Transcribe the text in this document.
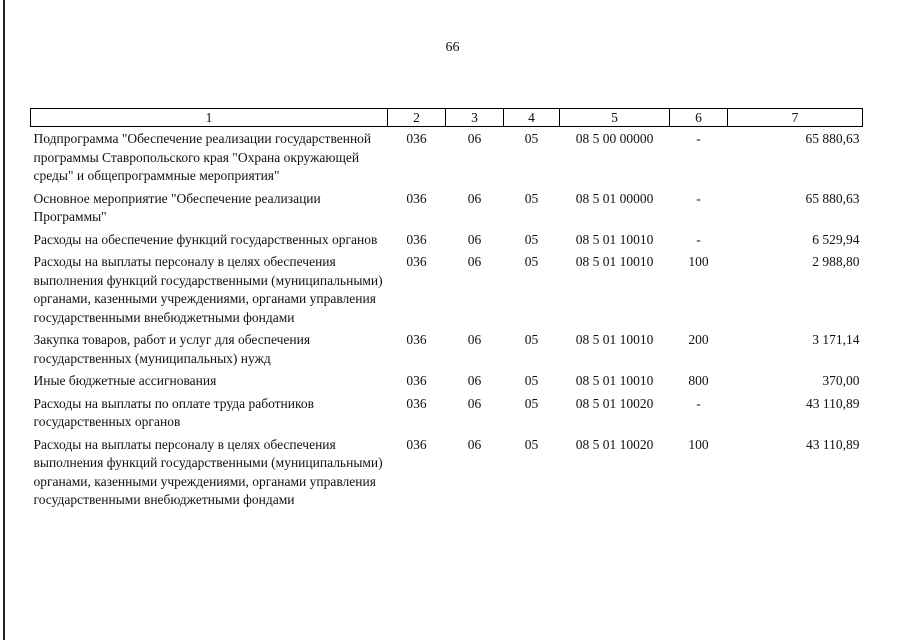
66
1	2	3	4	5	6	7
Подпрограмма "Обеспечение реализации государственной программы Ставропольского края "Охрана окружающей среды" и общепрограммные мероприятия"	036	06	05	08 5 00 00000	-	65 880,63
Основное мероприятие "Обеспечение реализации Программы"	036	06	05	08 5 01 00000	-	65 880,63
Расходы на обеспечение функций государственных органов	036	06	05	08 5 01 10010	-	6 529,94
Расходы на выплаты персоналу в целях обеспечения выполнения функций государственными (муниципальными) органами, казенными учреждениями, органами управления государственными внебюджетными фондами	036	06	05	08 5 01 10010	100	2 988,80
Закупка товаров, работ и услуг для обеспечения государственных (муниципальных) нужд	036	06	05	08 5 01 10010	200	3 171,14
Иные бюджетные ассигнования	036	06	05	08 5 01 10010	800	370,00
Расходы на выплаты по оплате труда работников государственных органов	036	06	05	08 5 01 10020	-	43 110,89
Расходы на выплаты персоналу в целях обеспечения выполнения функций государственными (муниципальными) органами, казенными учреждениями, органами управления государственными внебюджетными фондами	036	06	05	08 5 01 10020	100	43 110,89
